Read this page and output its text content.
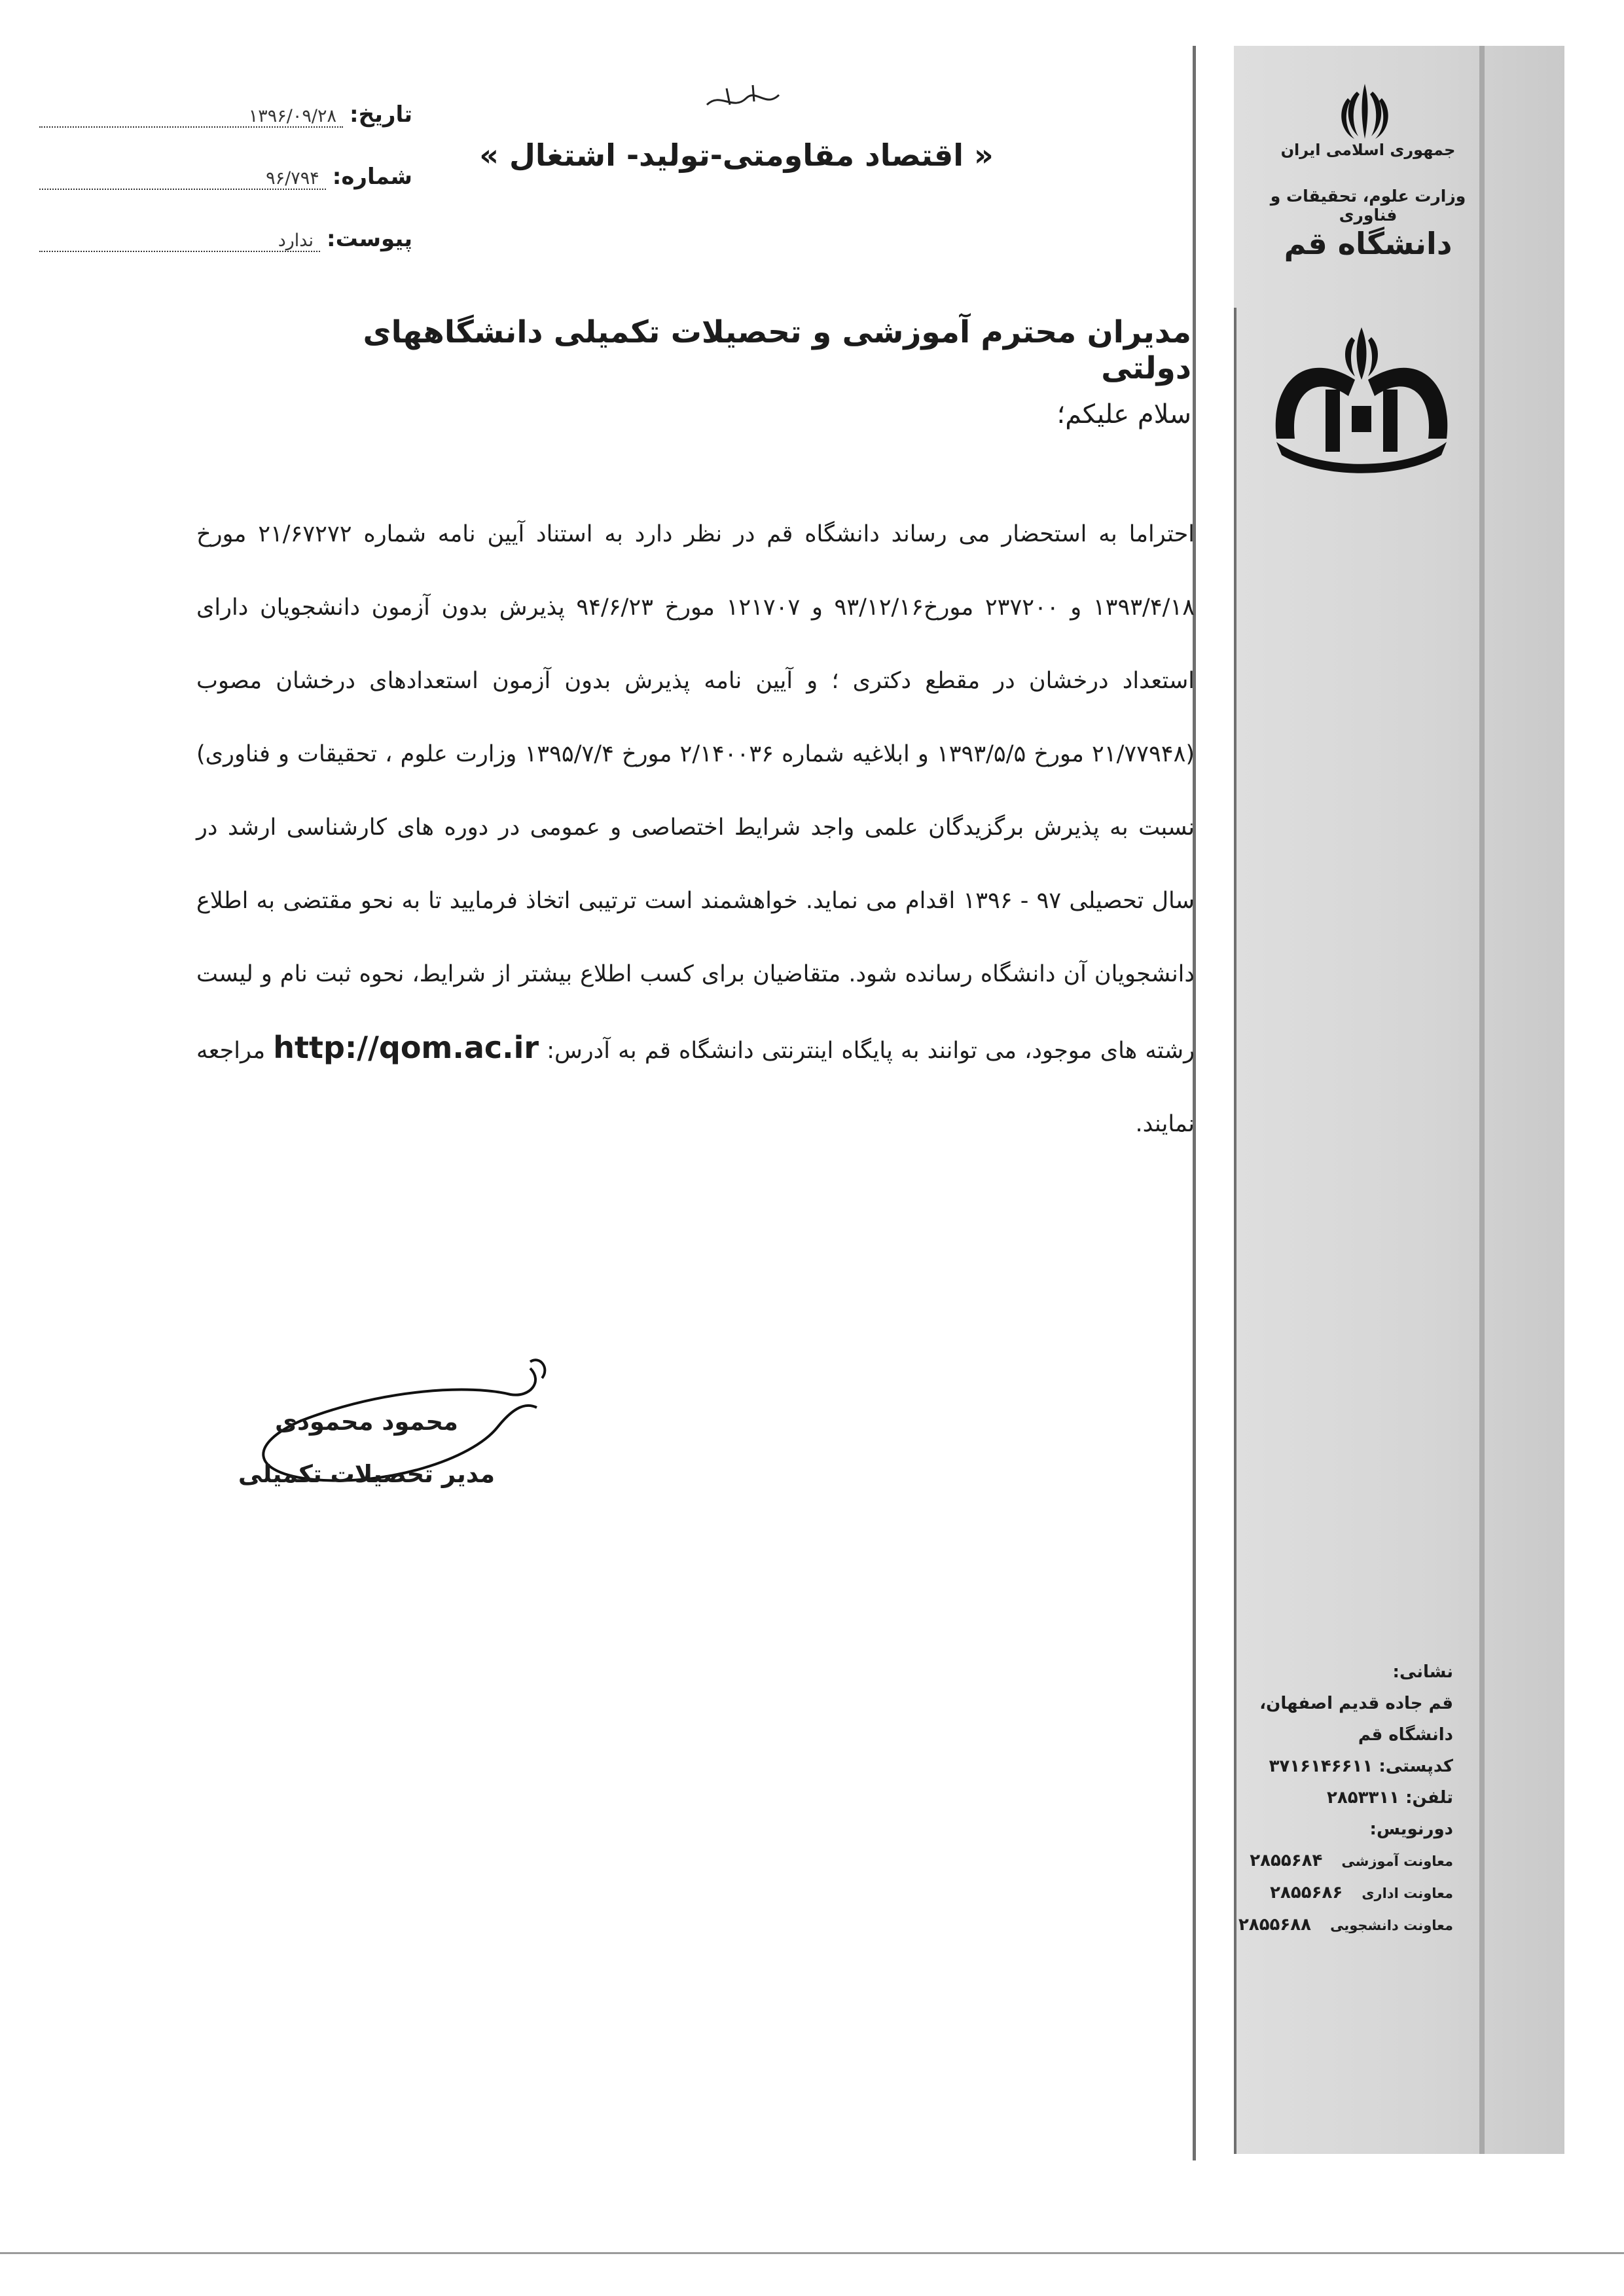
جمهوری اسلامی ایران
وزارت علوم، تحقیقات و فناوری
دانشگاه قم
نشانی:
قم جاده قدیم اصفهان،
دانشگاه قم
کدپستی: ۳۷۱۶۱۴۶۶۱۱
تلفن: ۲۸۵۳۳۱۱
دورنویس:
معاونت آموزشی ۲۸۵۵۶۸۴
معاونت اداری ۲۸۵۵۶۸۶
معاونت دانشجویی ۲۸۵۵۶۸۸
تاریخ:
۱۳۹۶/۰۹/۲۸
شماره:
۹۶/۷۹۴
پیوست:
ندارد
« اقتصاد مقاومتی-تولید- اشتغال »
مدیران محترم آموزشی و تحصیلات تکمیلی دانشگاههای دولتی
سلام علیکم؛
احتراما به استحضار می رساند دانشگاه قم در نظر دارد به استناد آیین نامه شماره ۲۱/۶۷۲۷۲ مورخ ۱۳۹۳/۴/۱۸ و ۲۳۷۲۰۰ مورخ۹۳/۱۲/۱۶ و ۱۲۱۷۰۷ مورخ ۹۴/۶/۲۳ پذیرش بدون آزمون دانشجویان دارای استعداد درخشان در مقطع دکتری ؛ و آیین نامه پذیرش بدون آزمون استعدادهای درخشان مصوب (۲۱/۷۷۹۴۸ مورخ ۱۳۹۳/۵/۵ و ابلاغیه شماره ۲/۱۴۰۰۳۶ مورخ ۱۳۹۵/۷/۴ وزارت علوم ، تحقیقات و فناوری) نسبت به پذیرش برگزیدگان علمی واجد شرایط اختصاصی و عمومی در دوره های کارشناسی ارشد در سال تحصیلی ۹۷ - ۱۳۹۶ اقدام می نماید. خواهشمند است ترتیبی اتخاذ فرمایید تا به نحو مقتضی به اطلاع دانشجویان آن دانشگاه رسانده شود. متقاضیان برای کسب اطلاع بیشتر از شرایط، نحوه ثبت نام و لیست رشته های موجود، می توانند به پایگاه اینترنتی دانشگاه قم به آدرس: http://qom.ac.ir مراجعه نمایند.
محمود محمودی
مدیر تحصیلات تکمیلی
